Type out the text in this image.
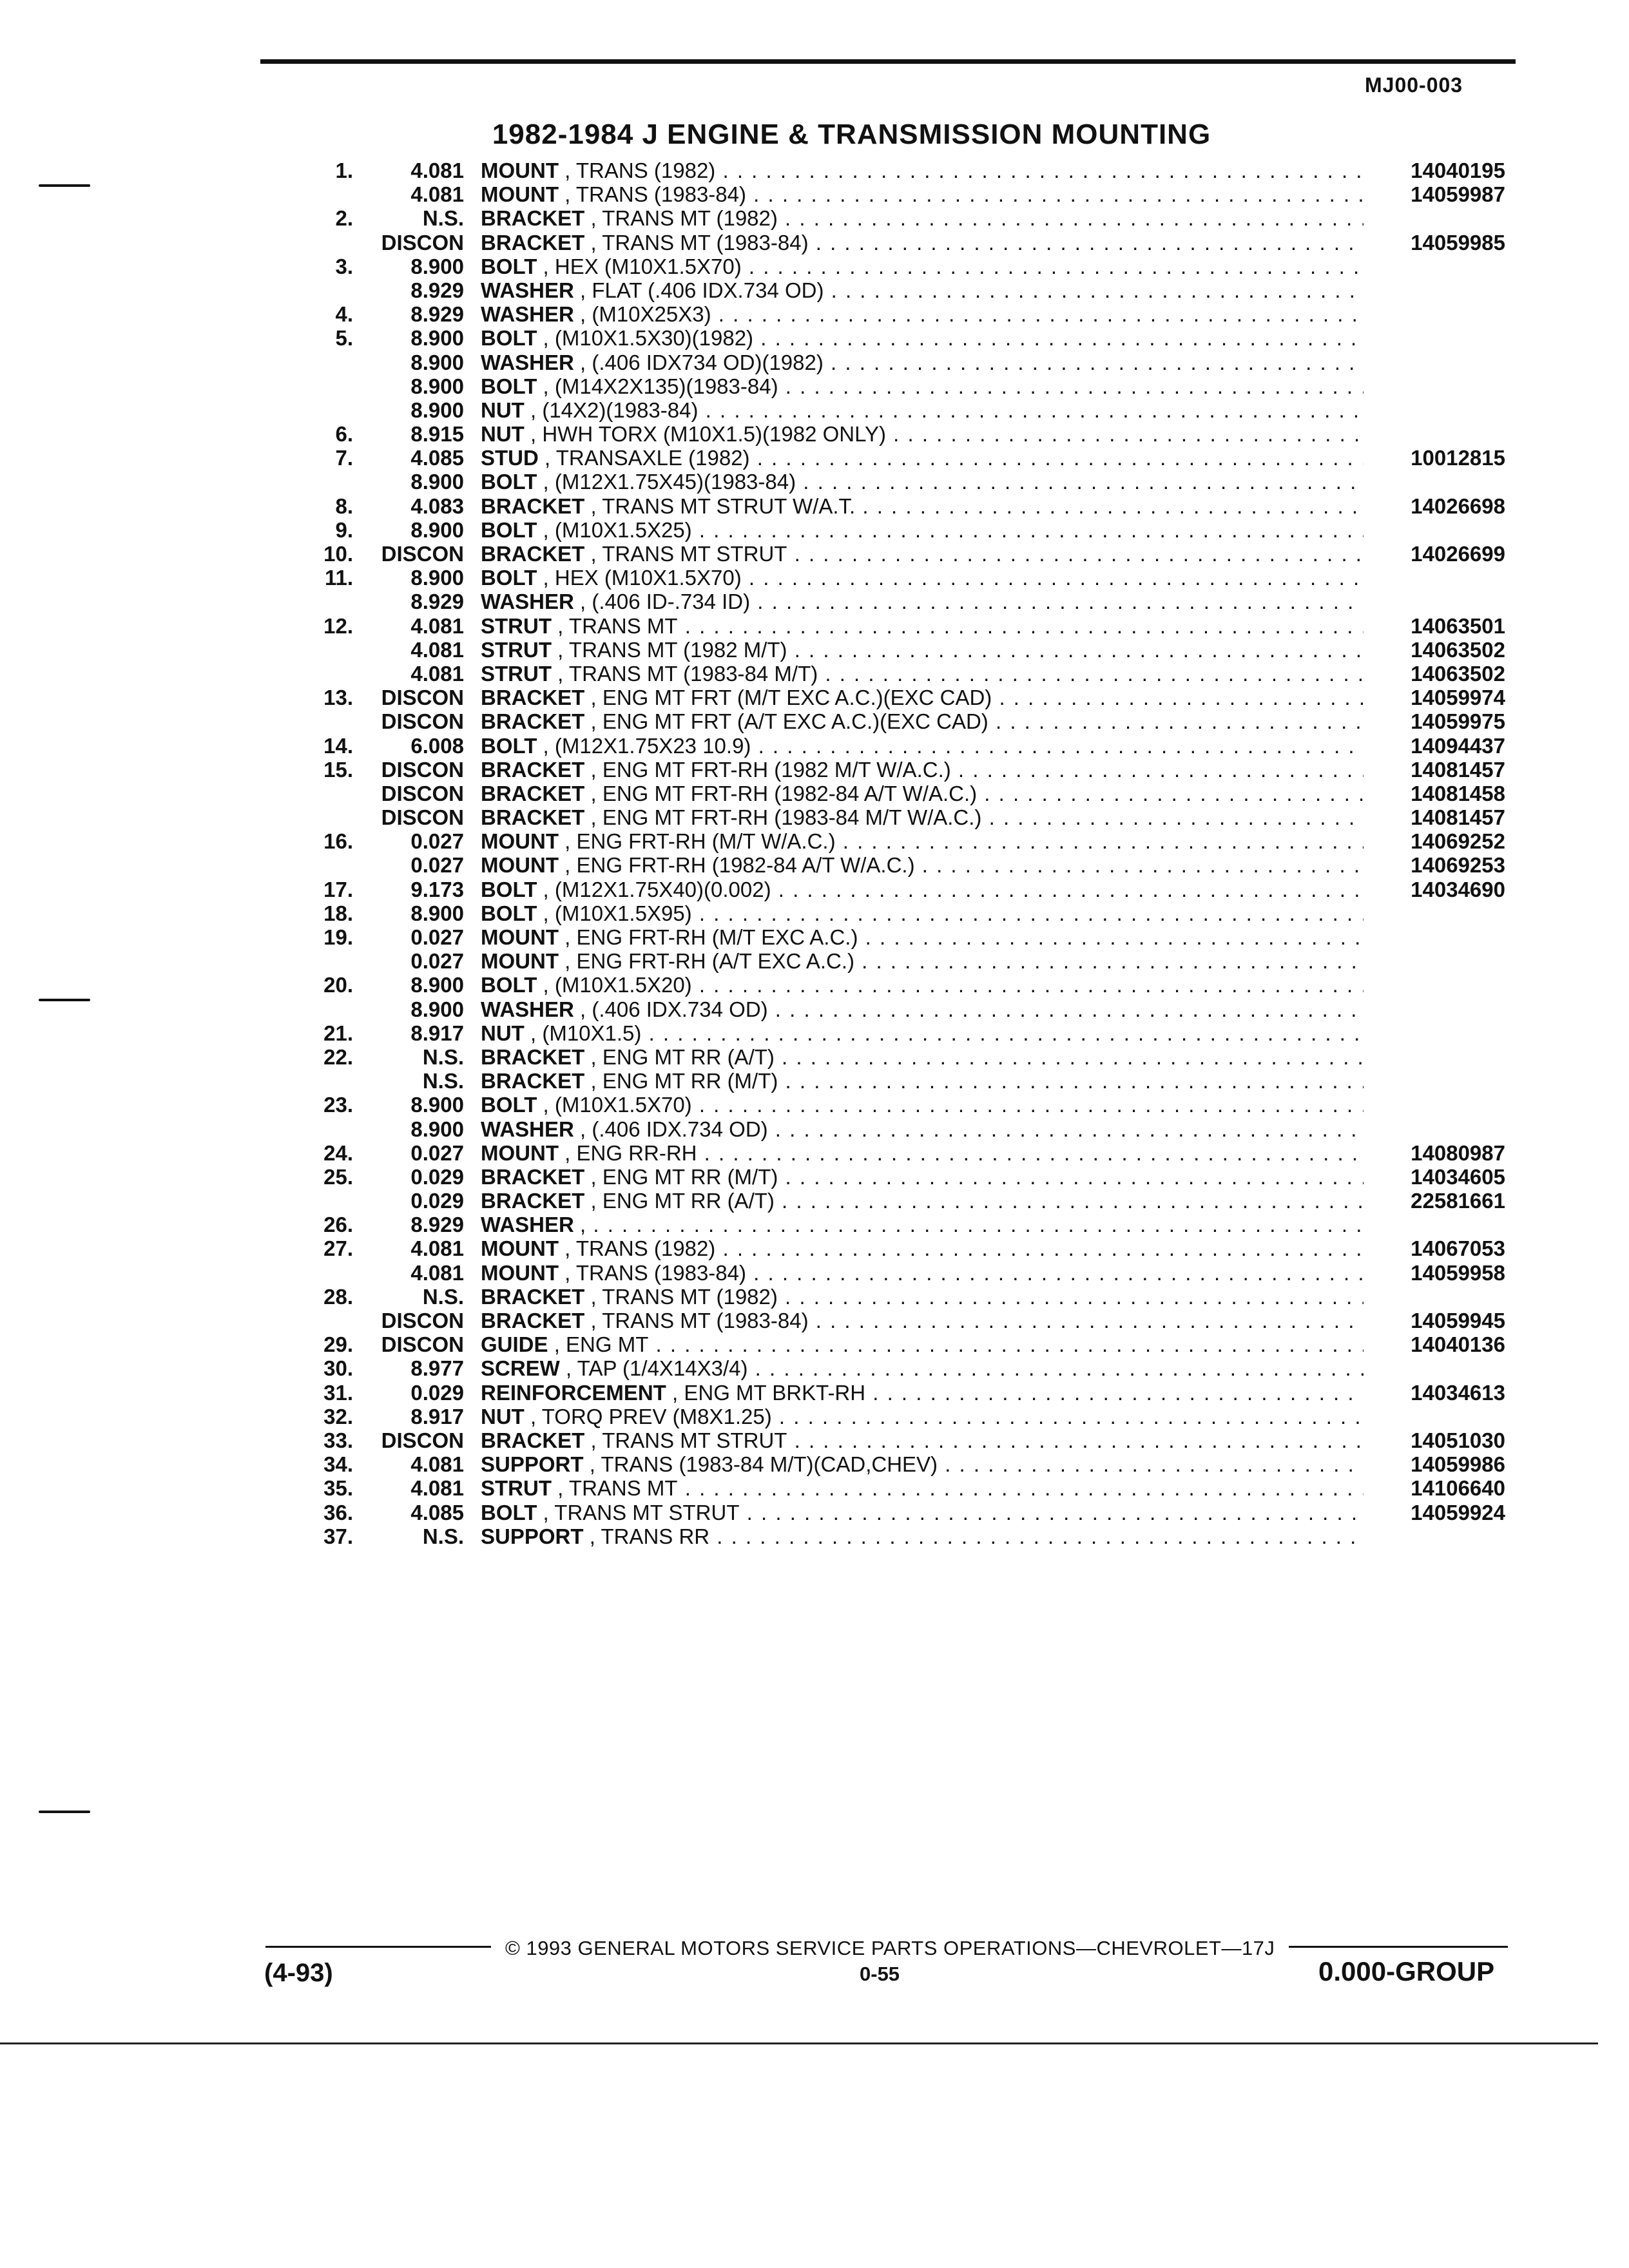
MJ00-003
1982-1984 J ENGINE & TRANSMISSION MOUNTING
1.	4.081 MOUNT , TRANS (1982) . . .	14040195
4.081 MOUNT , TRANS (1983-84) . . .	14059987
2.	N.S. BRACKET , TRANS MT (1982) . . .
DISCON BRACKET , TRANS MT (1983-84) . . .	14059985
3.	8.900 BOLT , HEX (M10X1.5X70) . . .
8.929 WASHER , FLAT (.406 IDX.734 OD) . . .
4.	8.929 WASHER , (M10X25X3) . . .
5.	8.900 BOLT , (M10X1.5X30)(1982) . . .
8.900 WASHER , (.406 IDX734 OD)(1982) . . .
8.900 BOLT , (M14X2X135)(1983-84) . . .
8.900 NUT , (14X2)(1983-84) . . .
6.	8.915 NUT , HWH TORX (M10X1.5)(1982 ONLY) . . .
7.	4.085 STUD , TRANSAXLE (1982) . . .	10012815
8.900 BOLT , (M12X1.75X45)(1983-84) . . .
8.	4.083 BRACKET , TRANS MT STRUT W/A.T. . . .	14026698
9.	8.900 BOLT , (M10X1.5X25) . . .
10.	DISCON BRACKET , TRANS MT STRUT . . .	14026699
11.	8.900 BOLT , HEX (M10X1.5X70) . . .
8.929 WASHER , (.406 ID-.734 ID) . . .
12.	4.081 STRUT , TRANS MT . . .	14063501
4.081 STRUT , TRANS MT (1982 M/T) . . .	14063502
4.081 STRUT , TRANS MT (1983-84 M/T) . . .	14063502
13.	DISCON BRACKET , ENG MT FRT (M/T EXC A.C.)(EXC CAD) . . .	14059974
DISCON BRACKET , ENG MT FRT (A/T EXC A.C.)(EXC CAD) . . .	14059975
14.	6.008 BOLT , (M12X1.75X23 10.9) . . .	14094437
15.	DISCON BRACKET , ENG MT FRT-RH (1982 M/T W/A.C.) . . .	14081457
DISCON BRACKET , ENG MT FRT-RH (1982-84 A/T W/A.C.) . . .	14081458
DISCON BRACKET , ENG MT FRT-RH (1983-84 M/T W/A.C.) . . .	14081457
16.	0.027 MOUNT , ENG FRT-RH (M/T W/A.C.) . . .	14069252
0.027 MOUNT , ENG FRT-RH (1982-84 A/T W/A.C.) . . .	14069253
17.	9.173 BOLT , (M12X1.75X40)(0.002) . . .	14034690
18.	8.900 BOLT , (M10X1.5X95) . . .
19.	0.027 MOUNT , ENG FRT-RH (M/T EXC A.C.) . . .
0.027 MOUNT , ENG FRT-RH (A/T EXC A.C.) . . .
20.	8.900 BOLT , (M10X1.5X20) . . .
8.900 WASHER , (.406 IDX.734 OD) . . .
21.	8.917 NUT , (M10X1.5) . . .
22.	N.S. BRACKET , ENG MT RR (A/T) . . .
N.S. BRACKET , ENG MT RR (M/T) . . .
23.	8.900 BOLT , (M10X1.5X70) . . .
8.900 WASHER , (.406 IDX.734 OD) . . .
24.	0.027 MOUNT , ENG RR-RH . . .	14080987
25.	0.029 BRACKET , ENG MT RR (M/T) . . .	14034605
0.029 BRACKET , ENG MT RR (A/T) . . .	22581661
26.	8.929 WASHER , . . .
27.	4.081 MOUNT , TRANS (1982) . . .	14067053
4.081 MOUNT , TRANS (1983-84) . . .	14059958
28.	N.S. BRACKET , TRANS MT (1982) . . .
DISCON BRACKET , TRANS MT (1983-84) . . .	14059945
29.	DISCON GUIDE , ENG MT . . .	14040136
30.	8.977 SCREW , TAP (1/4X14X3/4) . . .
31.	0.029 REINFORCEMENT , ENG MT BRKT-RH . . .	14034613
32.	8.917 NUT , TORQ PREV (M8X1.25) . . .
33.	DISCON BRACKET , TRANS MT STRUT . . .	14051030
34.	4.081 SUPPORT , TRANS (1983-84 M/T)(CAD,CHEV) . . .	14059986
35.	4.081 STRUT , TRANS MT . . .	14106640
36.	4.085 BOLT , TRANS MT STRUT . . .	14059924
37.	N.S. SUPPORT , TRANS RR . . .
© 1993 GENERAL MOTORS SERVICE PARTS OPERATIONS—CHEVROLET—17J
(4-93)	0-55	0.000-GROUP
